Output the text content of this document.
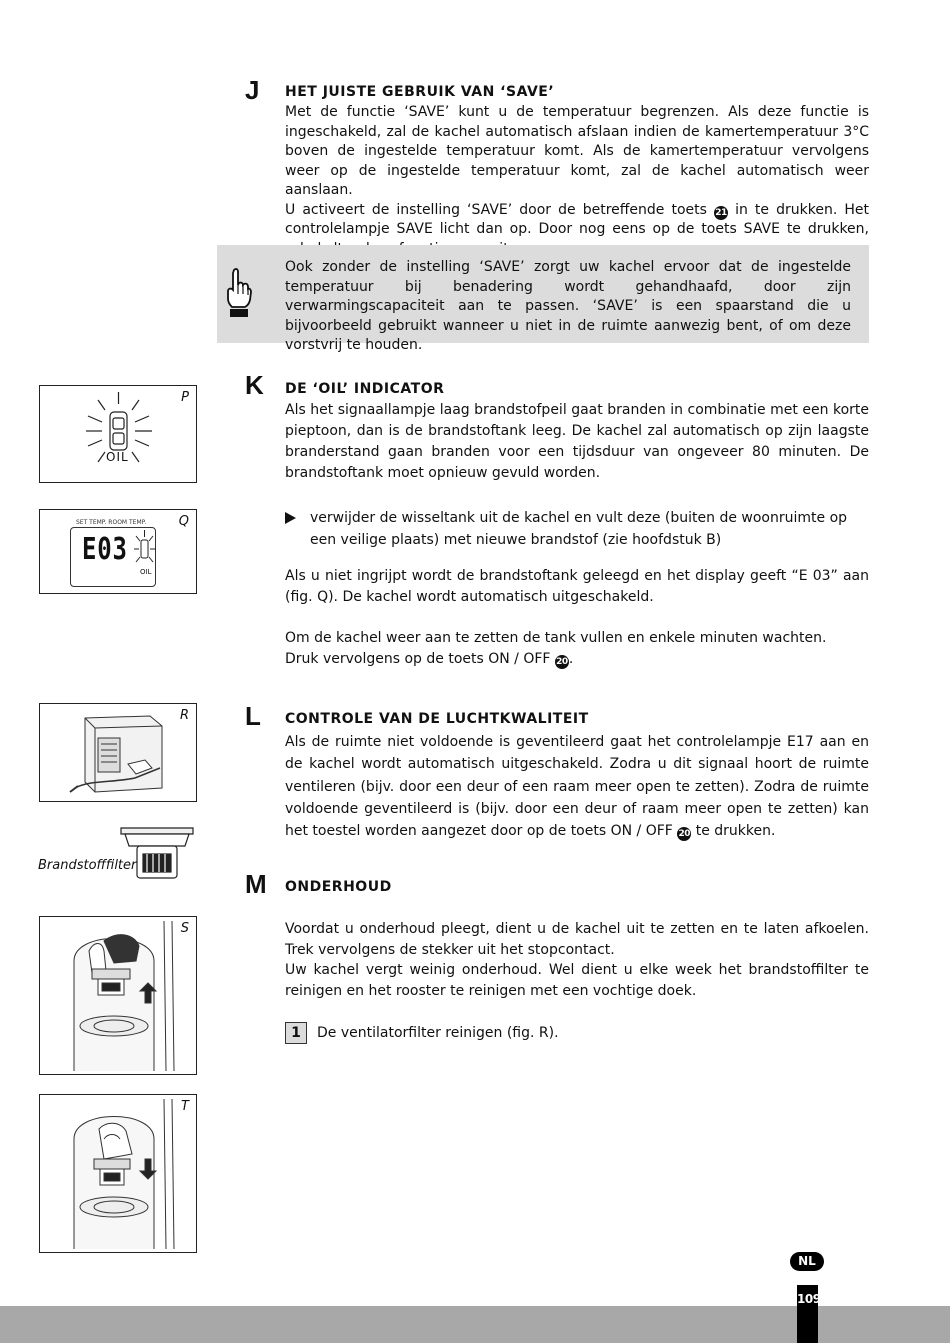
J HET JUISTE GEBRUIK VAN ‘SAVE’
Met de functie ‘SAVE’ kunt u de temperatuur begrenzen. Als deze functie is ingeschakeld, zal de kachel automatisch afslaan indien de kamertemperatuur 3°C boven de ingestelde temperatuur komt. Als de kamertemperatuur vervolgens weer op de ingestelde temperatuur komt, zal de kachel automatisch weer aanslaan.
U activeert de instelling ‘SAVE’ door de betreffende toets 21 in te drukken. Het controlelampje SAVE licht dan op. Door nog eens op de toets SAVE te drukken,
Ook zonder de instelling ‘SAVE’ zorgt uw kachel ervoor dat de ingestelde temperatuur bij benadering wordt gehandhaafd, door zijn verwarmingscapaciteit aan te passen. ‘SAVE’ is een spaarstand die u bijvoorbeeld gebruikt wanneer u niet in de ruimte aanwezig bent, of om deze vorstvrij te houden.
K DE ‘OIL’ INDICATOR
Als het signaallampje laag brandstofpeil gaat branden in combinatie met een korte pieptoon, dan is de brandstoftank leeg. De kachel zal automatisch op zijn laagste branderstand gaan branden voor een tijdsduur van ongeveer 80 minuten. De brandstoftank moet opnieuw gevuld worden.
verwijder de wisseltank uit de kachel en vult deze (buiten de woonruimte op een veilige plaats) met nieuwe brandstof (zie hoofdstuk B)
Als u niet ingrijpt wordt de brandstoftank geleegd en het display geeft “E 03” aan (fig. Q). De kachel wordt automatisch uitgeschakeld.
Om de kachel weer aan te zetten de tank vullen en enkele minuten wachten.
Druk vervolgens op de toets ON / OFF 20.
L CONTROLE VAN DE LUCHTKWALITEIT
Als de ruimte niet voldoende is geventileerd gaat het controlelampje E17 aan en de kachel wordt automatisch uitgeschakeld. Zodra u dit signaal hoort de ruimte ventileren (bijv. door een deur of een raam meer open te zetten). Zodra de ruimte voldoende geventileerd is (bijv. door een deur of raam meer open te zetten) kan het toestel worden aangezet door op de toets ON / OFF 20 te drukken.
M ONDERHOUD
Voordat u onderhoud pleegt, dient u de kachel uit te zetten en te laten afkoelen. Trek vervolgens de stekker uit het stopcontact.
Uw kachel vergt weinig onderhoud. Wel dient u elke week het brandstoffilter te reinigen en het rooster te reinigen met een vochtige doek.
1 De ventilatorfilter reinigen (fig. R).
P
OIL
Q
SET TEMP. ROOM TEMP.
E03
OIL
R
Brandstofffilter
S
T
NL
109
